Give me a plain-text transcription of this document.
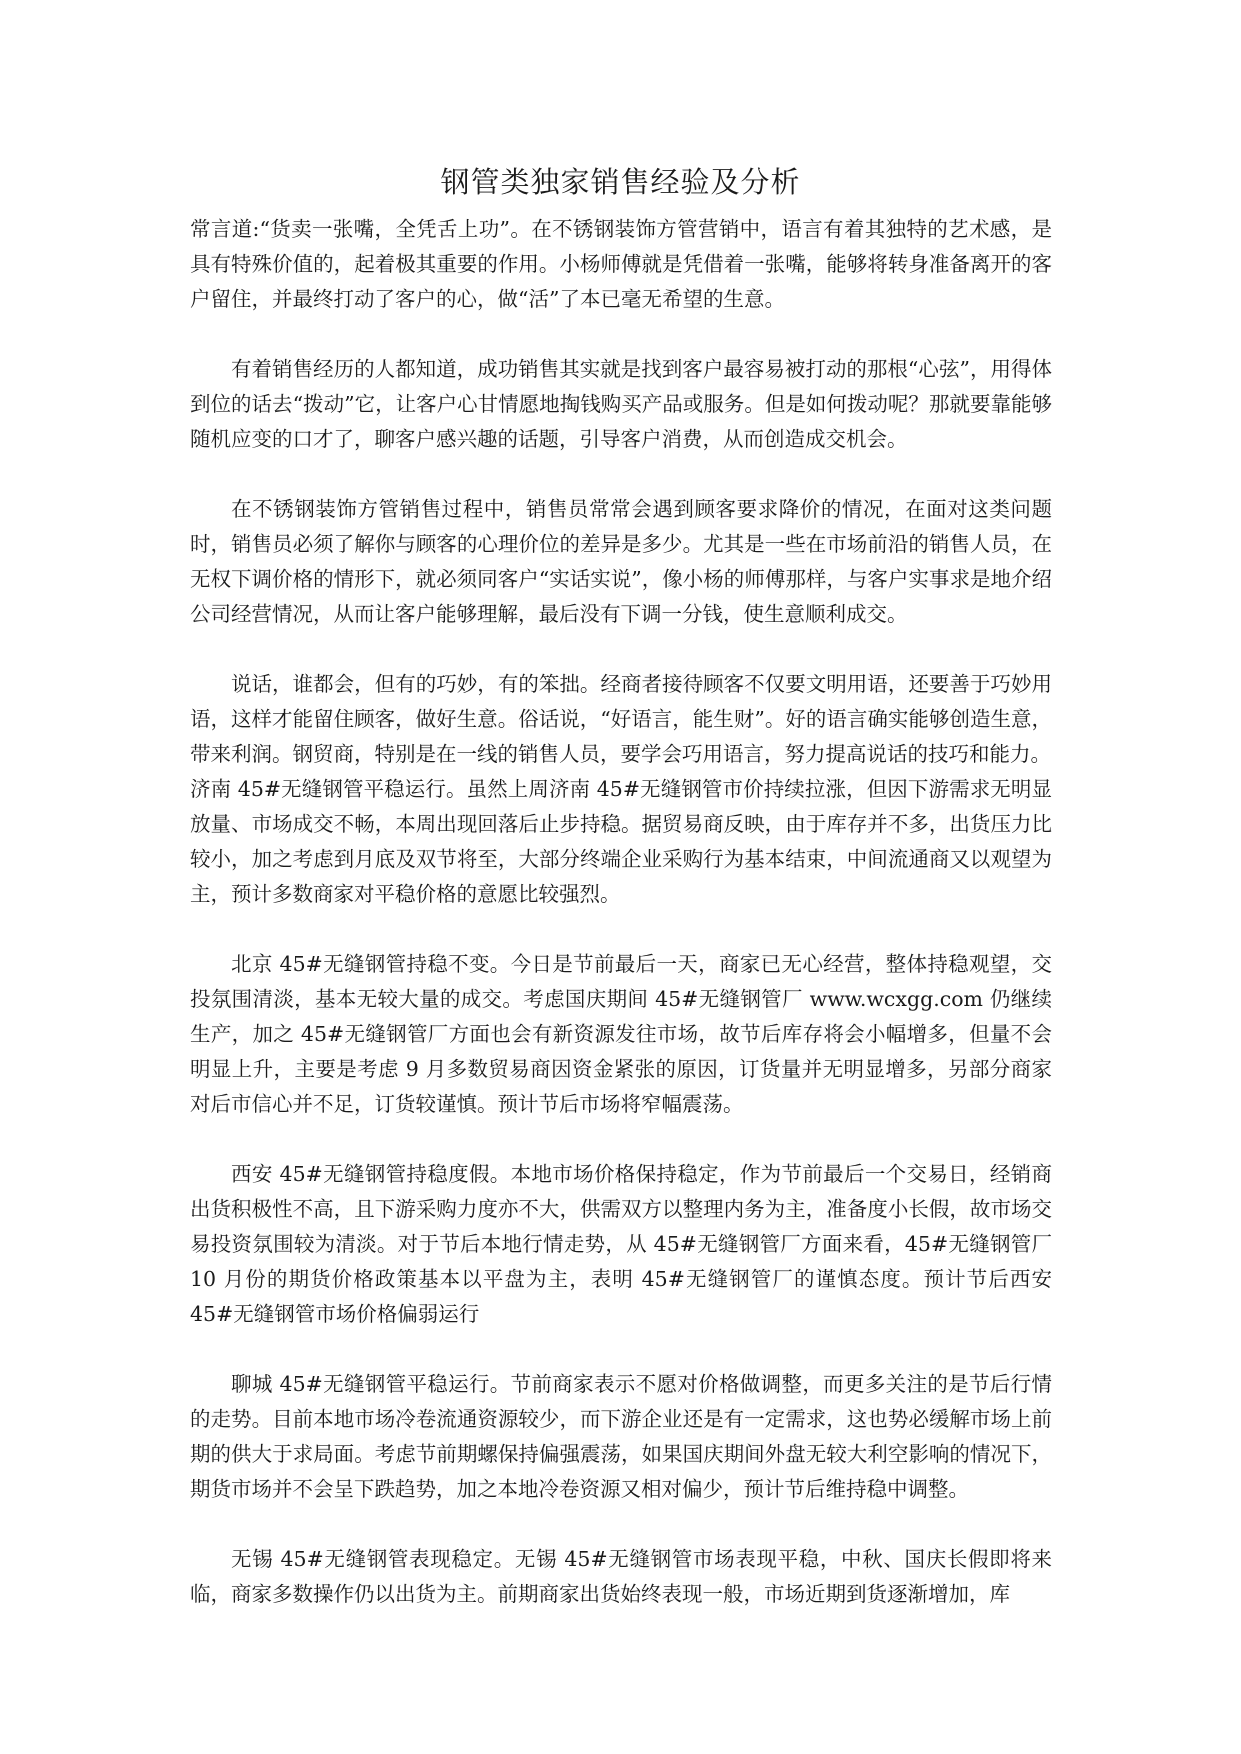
钢管类独家销售经验及分析

常言道:“货卖一张嘴，全凭舌上功”。在不锈钢装饰方管营销中，语言有着其独特的艺术感，是具有特殊价值的，起着极其重要的作用。小杨师傅就是凭借着一张嘴，能够将转身准备离开的客户留住，并最终打动了客户的心，做“活”了本已毫无希望的生意。

有着销售经历的人都知道，成功销售其实就是找到客户最容易被打动的那根“心弦”，用得体到位的话去“拨动”它，让客户心甘情愿地掏钱购买产品或服务。但是如何拨动呢？那就要靠能够随机应变的口才了，聊客户感兴趣的话题，引导客户消费，从而创造成交机会。

在不锈钢装饰方管销售过程中，销售员常常会遇到顾客要求降价的情况，在面对这类问题时，销售员必须了解你与顾客的心理价位的差异是多少。尤其是一些在市场前沿的销售人员，在无权下调价格的情形下，就必须同客户“实话实说”，像小杨的师傅那样，与客户实事求是地介绍公司经营情况，从而让客户能够理解，最后没有下调一分钱，使生意顺利成交。

说话，谁都会，但有的巧妙，有的笨拙。经商者接待顾客不仅要文明用语，还要善于巧妙用语，这样才能留住顾客，做好生意。俗话说，“好语言，能生财”。好的语言确实能够创造生意，带来利润。钢贸商，特别是在一线的销售人员，要学会巧用语言，努力提高说话的技巧和能力。

济南 45#无缝钢管平稳运行。虽然上周济南 45#无缝钢管市价持续拉涨，但因下游需求无明显放量、市场成交不畅，本周出现回落后止步持稳。据贸易商反映，由于库存并不多，出货压力比较小，加之考虑到月底及双节将至，大部分终端企业采购行为基本结束，中间流通商又以观望为主，预计多数商家对平稳价格的意愿比较强烈。

北京 45#无缝钢管持稳不变。今日是节前最后一天，商家已无心经营，整体持稳观望，交投氛围清淡，基本无较大量的成交。考虑国庆期间 45#无缝钢管厂 www.wcxgg.com 仍继续生产，加之 45#无缝钢管厂方面也会有新资源发往市场，故节后库存将会小幅增多，但量不会明显上升，主要是考虑 9 月多数贸易商因资金紧张的原因，订货量并无明显增多，另部分商家对后市信心并不足，订货较谨慎。预计节后市场将窄幅震荡。

西安 45#无缝钢管持稳度假。本地市场价格保持稳定，作为节前最后一个交易日，经销商出货积极性不高，且下游采购力度亦不大，供需双方以整理内务为主，准备度小长假，故市场交易投资氛围较为清淡。对于节后本地行情走势，从 45#无缝钢管厂方面来看，45#无缝钢管厂 10 月份的期货价格政策基本以平盘为主，表明 45#无缝钢管厂的谨慎态度。预计节后西安 45#无缝钢管市场价格偏弱运行

聊城 45#无缝钢管平稳运行。节前商家表示不愿对价格做调整，而更多关注的是节后行情的走势。目前本地市场冷卷流通资源较少，而下游企业还是有一定需求，这也势必缓解市场上前期的供大于求局面。考虑节前期螺保持偏强震荡，如果国庆期间外盘无较大利空影响的情况下，期货市场并不会呈下跌趋势，加之本地冷卷资源又相对偏少，预计节后维持稳中调整。

无锡 45#无缝钢管表现稳定。无锡 45#无缝钢管市场表现平稳，中秋、国庆长假即将来临，商家多数操作仍以出货为主。前期商家出货始终表现一般，市场近期到货逐渐增加，库
